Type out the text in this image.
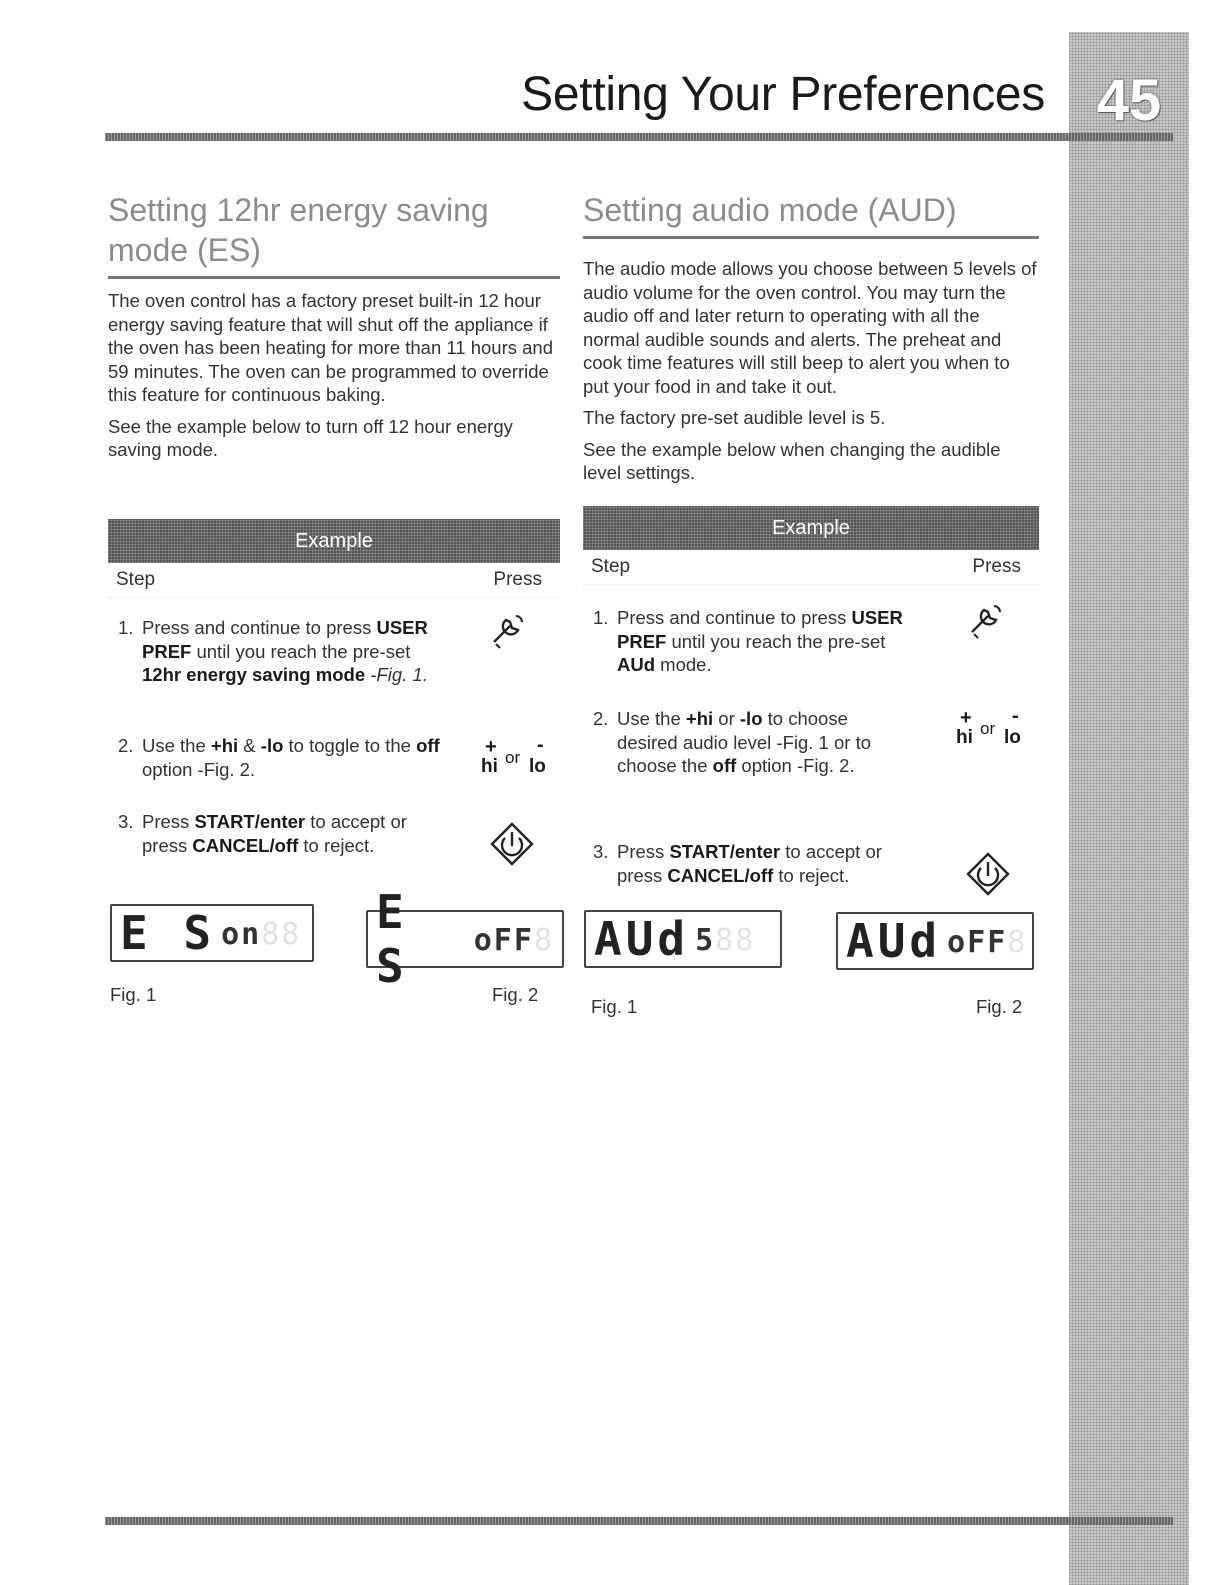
45
Setting Your Preferences
Setting 12hr energy saving mode (ES)

The oven control has a factory preset built-in 12 hour energy saving feature that will shut off the appliance if the oven has been heating for more than 11 hours and 59 minutes. The oven can be programmed to override this feature for continuous baking.

See the example below to turn off 12 hour energy saving mode.

Example
Step	Press
1. Press and continue to press USER PREF until you reach the pre-set 12hr energy saving mode -Fig. 1.
2. Use the +hi & -lo to toggle to the off option -Fig. 2.
+ -
hi or lo
3. Press START/enter to accept or press CANCEL/off to reject.
E S on 88 E S	oFF 8
Fig. 1	Fig. 2
Setting audio mode (AUD)

The audio mode allows you choose between 5 levels of audio volume for the oven control. You may turn the audio off and later return to operating with all the normal audible sounds and alerts. The preheat and cook time features will still beep to alert you when to put your food in and take it out.

The factory pre-set audible level is 5.

See the example below when changing the audible level settings.

Example
Step	Press
1. Press and continue to press USER PREF until you reach the pre-set AUd mode.
2. Use the +hi or -lo to choose desired audio level -Fig. 1 or to choose the off option -Fig. 2.
+ -
hi or lo
3. Press START/enter to accept or press CANCEL/off to reject.
AUd 5 88 AUd oFF 8
Fig. 1	Fig. 2
